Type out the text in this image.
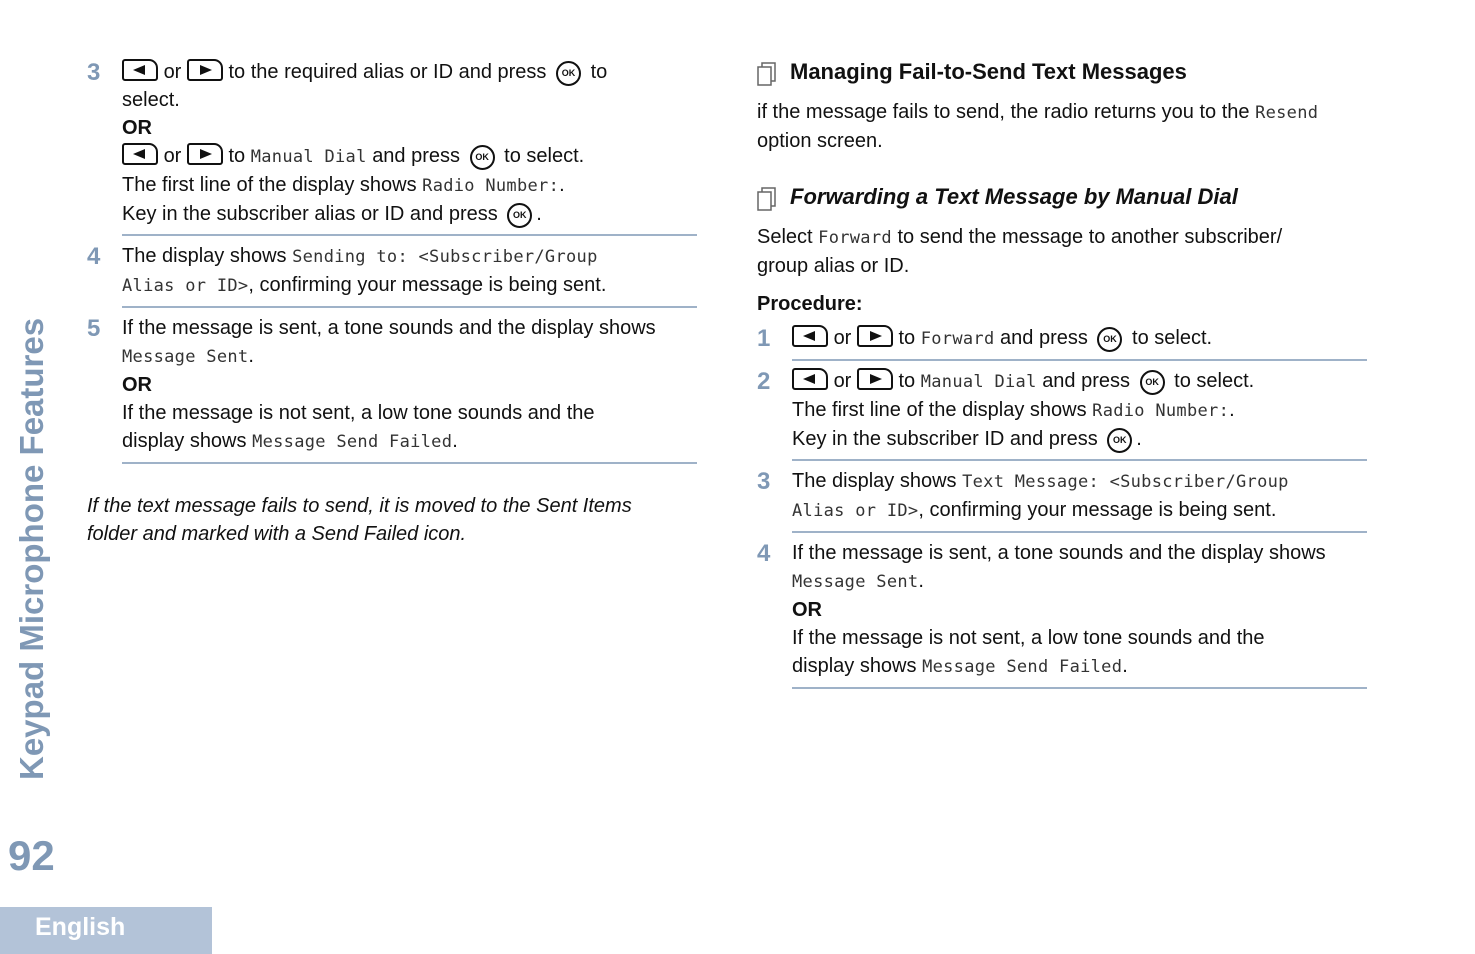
Keypad Microphone Features
92
English
3	or to the required alias or ID and press OK to
select.
OR
or to Manual Dial and press OK to select.
The first line of the display shows Radio Number:.
Key in the subscriber alias or ID and press OK .
4 The display shows Sending to: <Subscriber/Group
Alias or ID>, confirming your message is being sent.
5 If the message is sent, a tone sounds and the display shows
Message Sent.
OR
If the message is not sent, a low tone sounds and the
display shows Message Send Failed.
If the text message fails to send, it is moved to the Sent Items
folder and marked with a Send Failed icon.
Managing Fail-to-Send Text Messages
if the message fails to send, the radio returns you to the Resend
option screen.
Forwarding a Text Message by Manual Dial
Select Forward to send the message to another subscriber/
group alias or ID.
Procedure:
1	or to Forward and press OK to select.
2	or to Manual Dial and press OK to select.
The first line of the display shows Radio Number:.
Key in the subscriber ID and press OK .
3 The display shows Text Message: <Subscriber/Group
Alias or ID>, confirming your message is being sent.
4 If the message is sent, a tone sounds and the display shows
Message Sent.
OR
If the message is not sent, a low tone sounds and the
display shows Message Send Failed.
